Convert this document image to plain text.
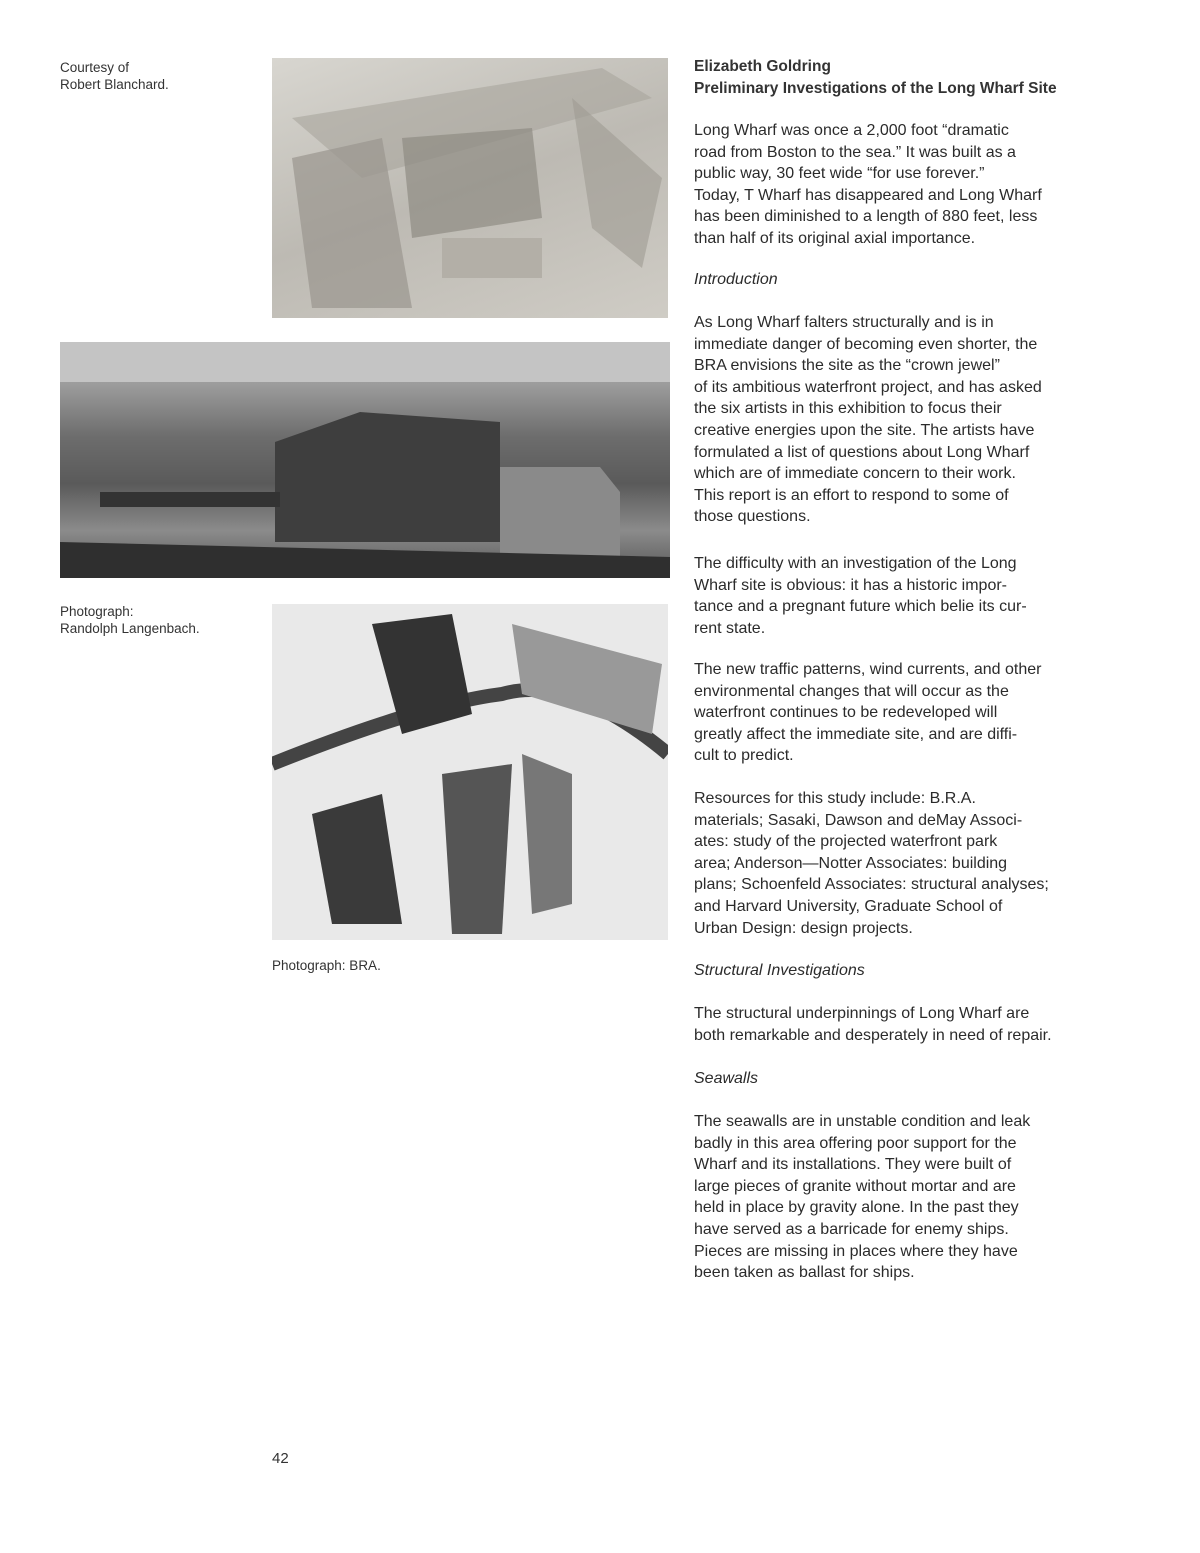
Courtesy of
Robert Blanchard.
Photograph:
Randolph Langenbach.
Photograph: BRA.
Elizabeth Goldring
Preliminary Investigations of the Long Wharf Site
Long Wharf was once a 2,000 foot “dramatic
road from Boston to the sea.” It was built as a
public way, 30 feet wide “for use forever.”
Today, T Wharf has disappeared and Long Wharf
has been diminished to a length of 880 feet, less
than half of its original axial importance.
Introduction
As Long Wharf falters structurally and is in
immediate danger of becoming even shorter, the
BRA envisions the site as the “crown jewel”
of its ambitious waterfront project, and has asked
the six artists in this exhibition to focus their
creative energies upon the site. The artists have
formulated a list of questions about Long Wharf
which are of immediate concern to their work.
This report is an effort to respond to some of
those questions.
The difficulty with an investigation of the Long
Wharf site is obvious: it has a historic impor-
tance and a pregnant future which belie its cur-
rent state.
The new traffic patterns, wind currents, and other
environmental changes that will occur as the
waterfront continues to be redeveloped will
greatly affect the immediate site, and are diffi-
cult to predict.
Resources for this study include: B.R.A.
materials; Sasaki, Dawson and deMay Associ-
ates: study of the projected waterfront park
area; Anderson—Notter Associates: building
plans; Schoenfeld Associates: structural analyses;
and Harvard University, Graduate School of
Urban Design: design projects.
Structural Investigations
The structural underpinnings of Long Wharf are
both remarkable and desperately in need of repair.
Seawalls
The seawalls are in unstable condition and leak
badly in this area offering poor support for the
Wharf and its installations. They were built of
large pieces of granite without mortar and are
held in place by gravity alone. In the past they
have served as a barricade for enemy ships.
Pieces are missing in places where they have
been taken as ballast for ships.
42
